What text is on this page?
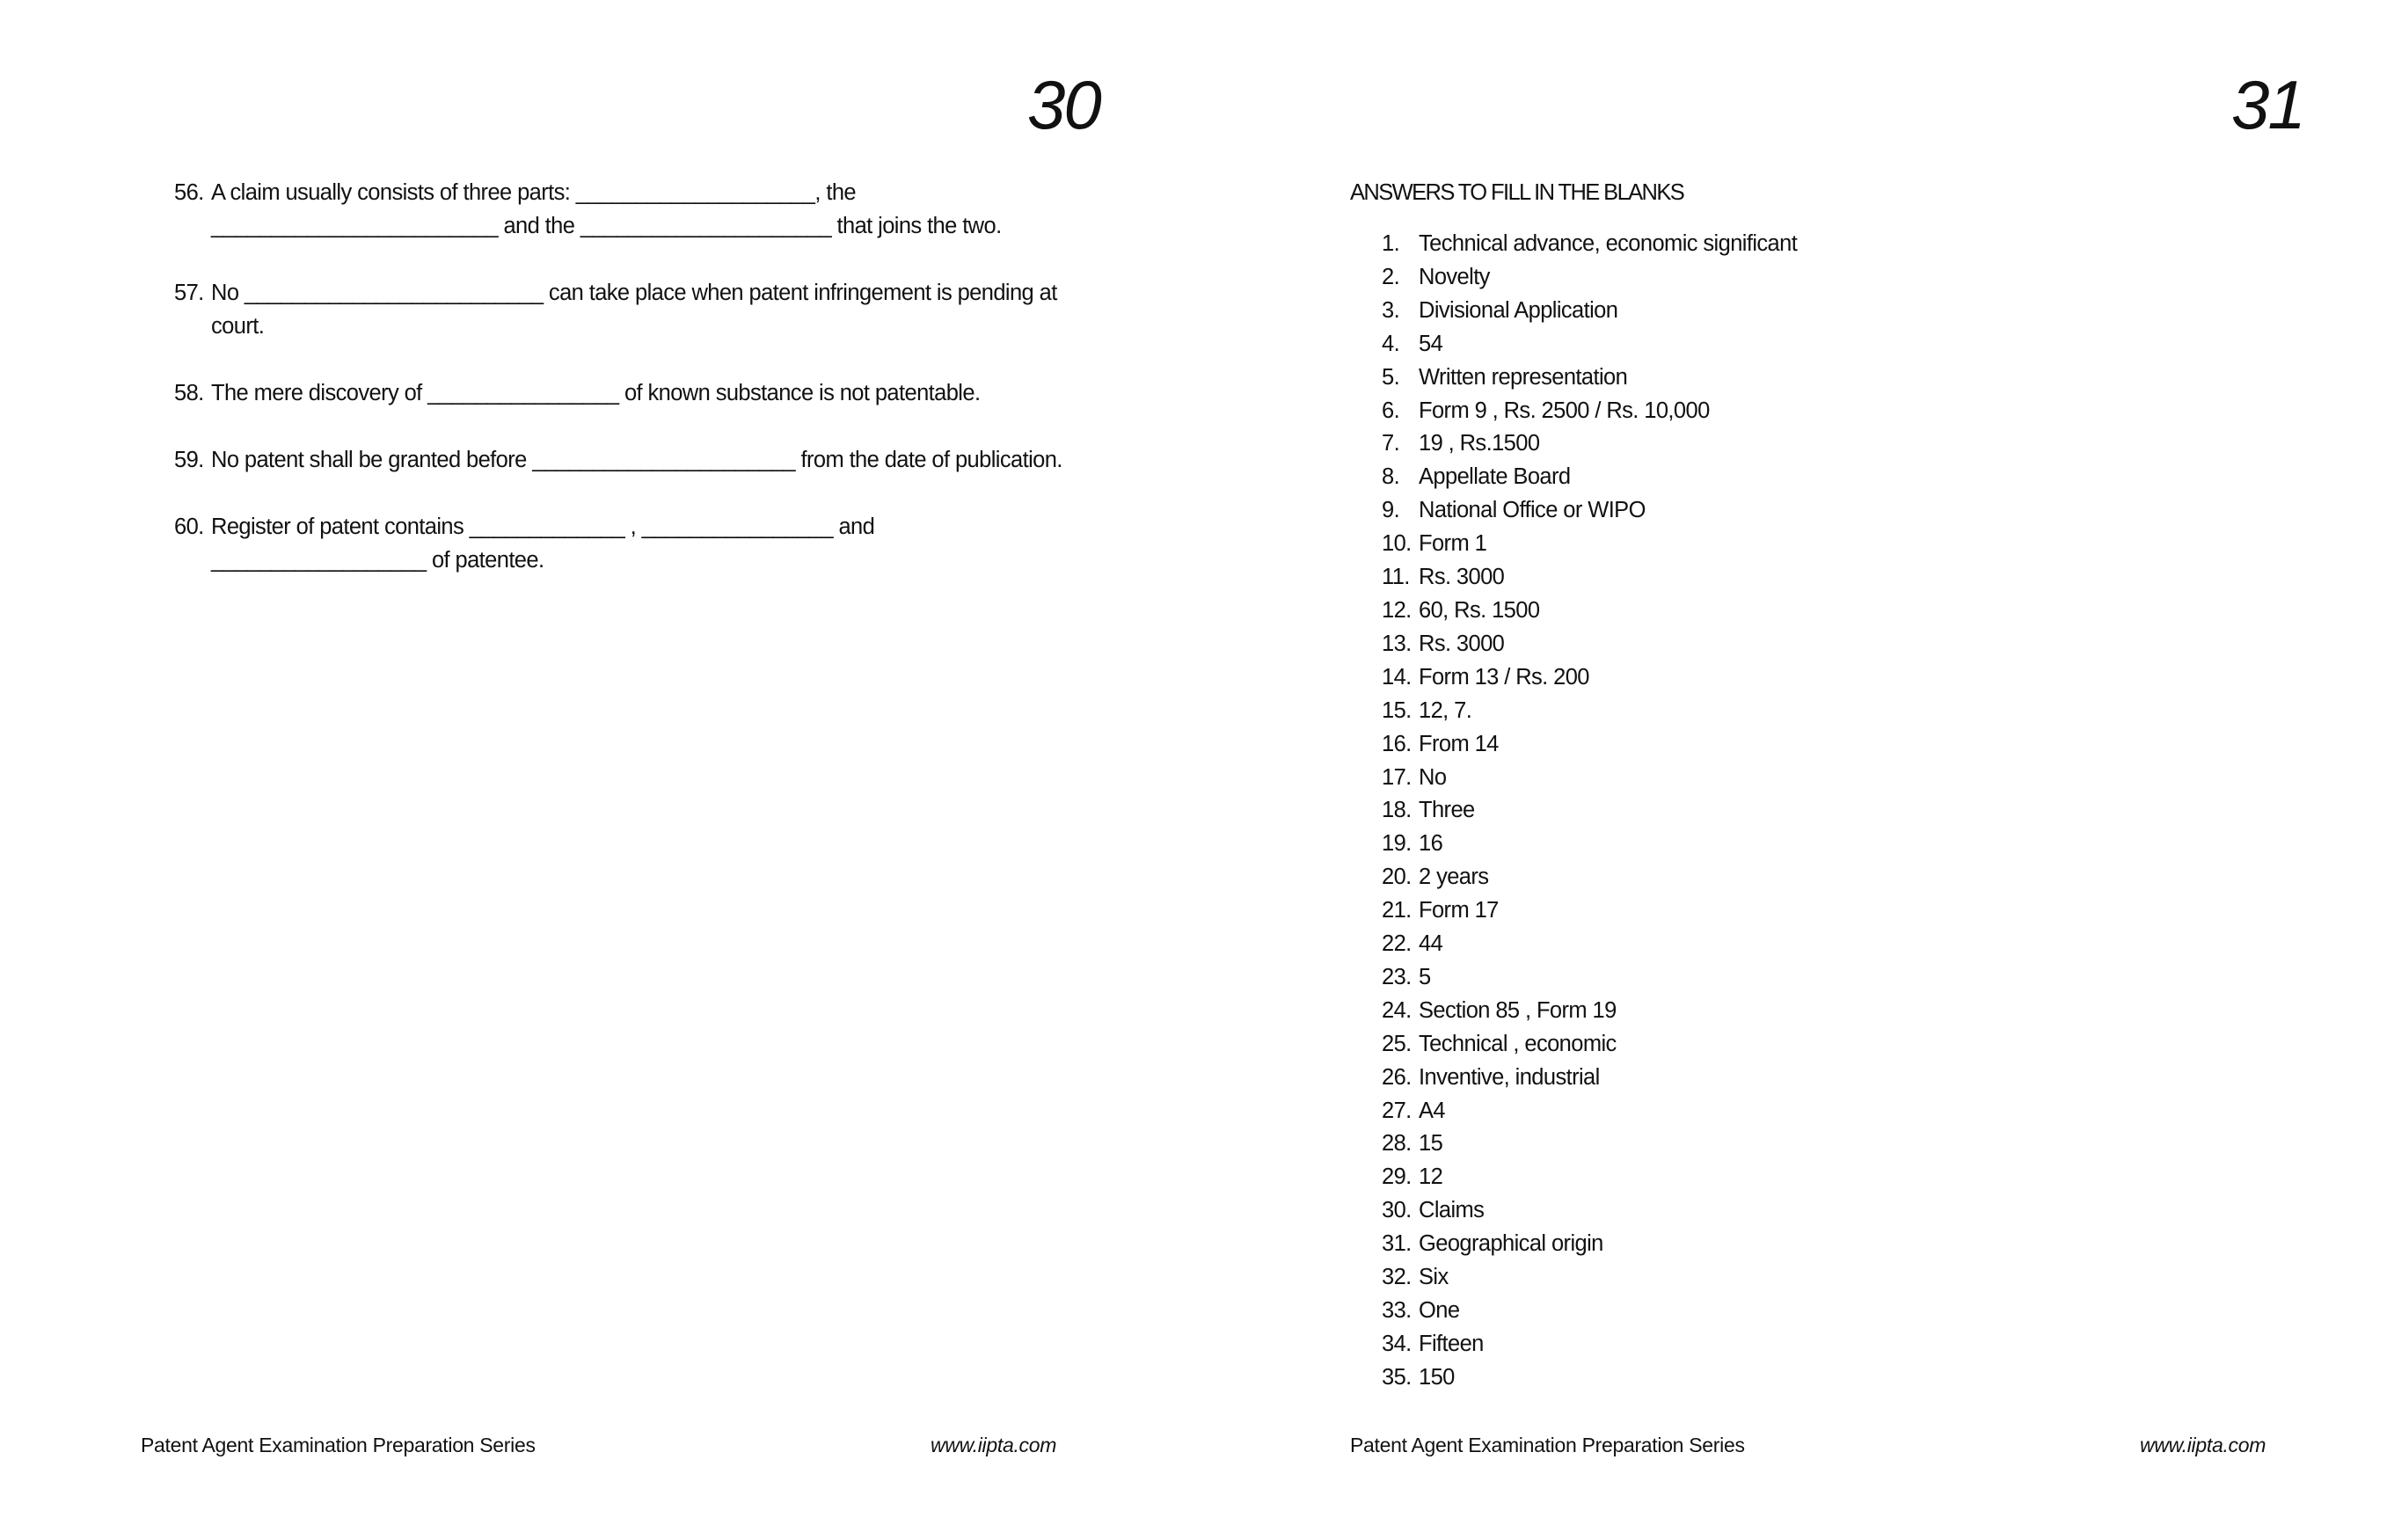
30
56. A claim usually consists of three parts: ____________________, the ________________________ and the _____________________ that joins the two.
57. No _________________________ can take place when patent infringement is pending at court.
58. The mere discovery of ________________ of known substance is not patentable.
59. No patent shall be granted before ______________________ from the date of publication.
60. Register of patent contains _____________ , ________________ and __________________ of patentee.
Patent Agent Examination Preparation Series	www.iipta.com
31
ANSWERS TO FILL IN THE BLANKS
1. Technical advance, economic significant
2. Novelty
3. Divisional Application
4. 54
5. Written representation
6. Form 9 , Rs. 2500 / Rs. 10,000
7. 19 , Rs.1500
8. Appellate Board
9. National Office or WIPO
10. Form 1
11. Rs. 3000
12. 60, Rs. 1500
13. Rs. 3000
14. Form 13 / Rs. 200
15. 12, 7.
16. From 14
17. No
18. Three
19. 16
20. 2 years
21. Form 17
22. 44
23. 5
24. Section 85 , Form 19
25. Technical , economic
26. Inventive, industrial
27. A4
28. 15
29. 12
30. Claims
31. Geographical origin
32. Six
33. One
34. Fifteen
35. 150
Patent Agent Examination Preparation Series	www.iipta.com
